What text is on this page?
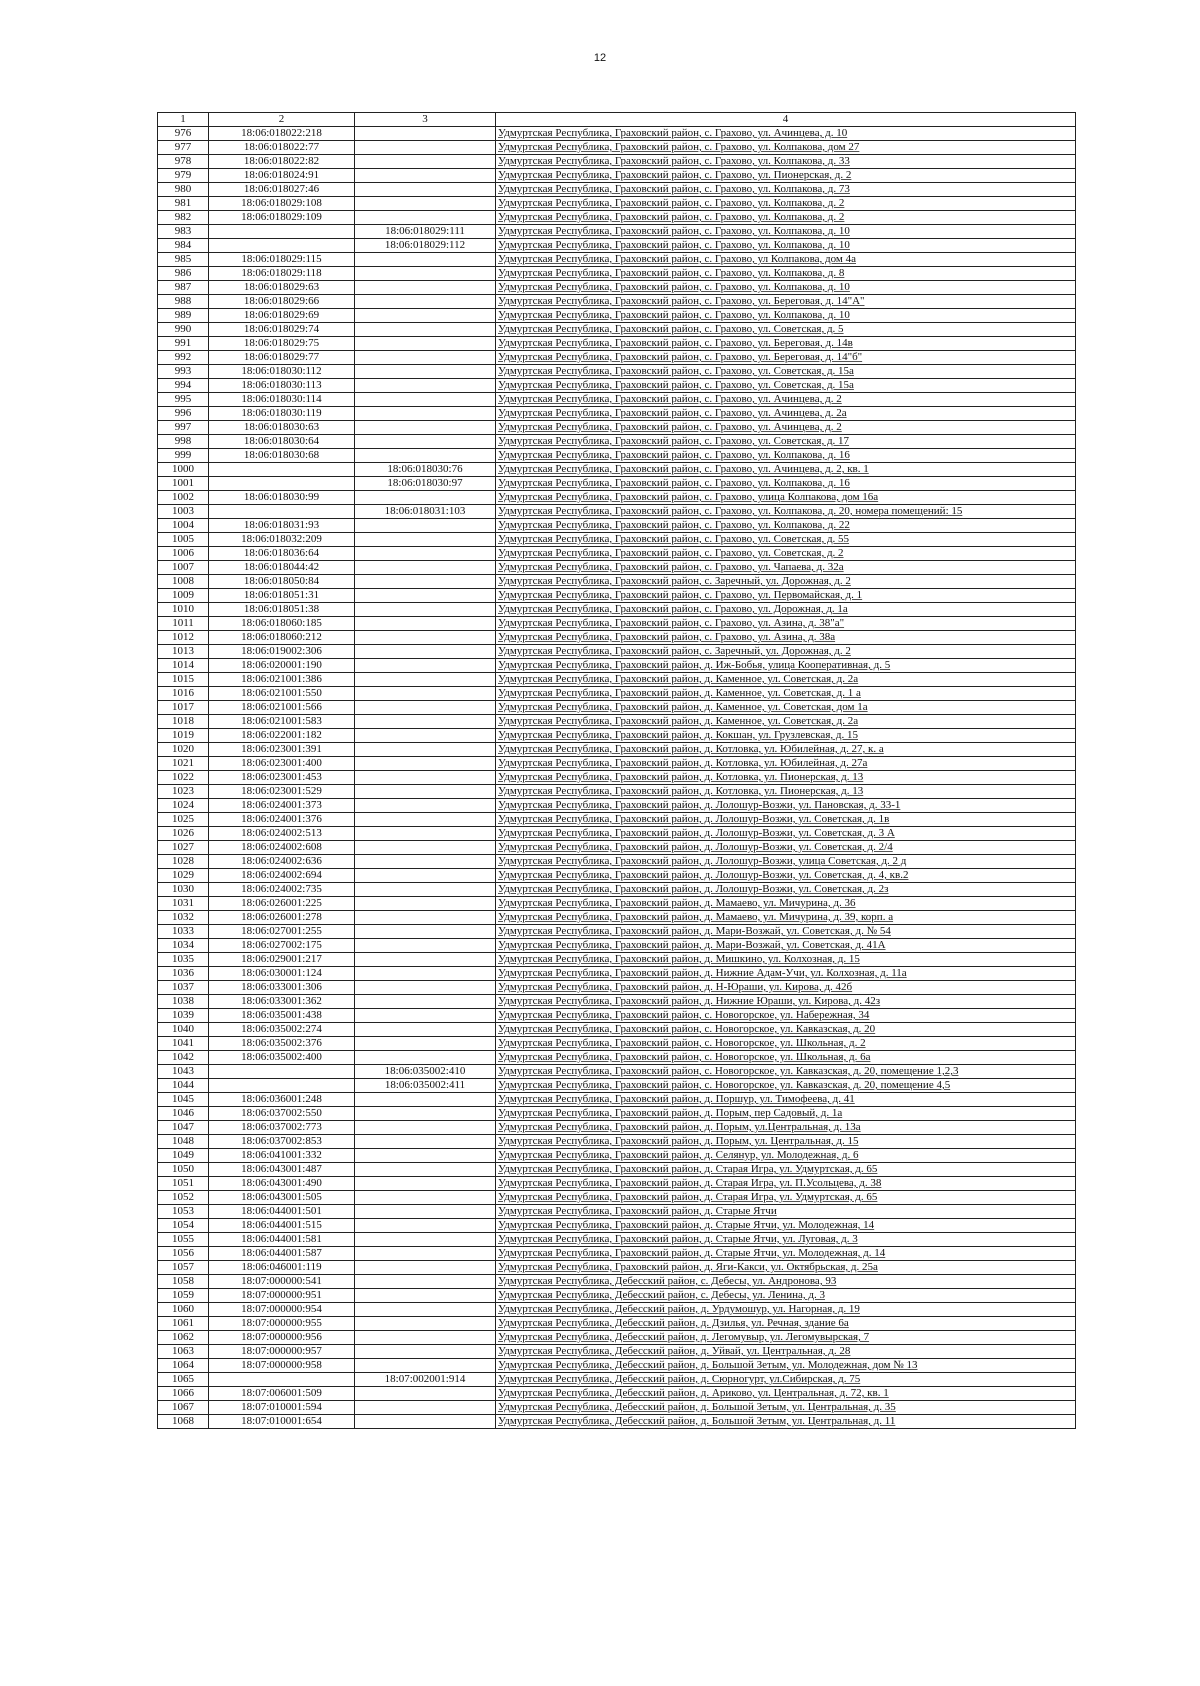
12
1	2	3	4
976	18:06:018022:218		Удмуртская Республика, Граховский район, с. Грахово, ул. Ачинцева, д. 10
977	18:06:018022:77		Удмуртская Республика, Граховский район, с. Грахово, ул. Колпакова, дом 27
978	18:06:018022:82		Удмуртская Республика, Граховский район, с. Грахово, ул. Колпакова, д. 33
979	18:06:018024:91		Удмуртская Республика, Граховский район, с. Грахово, ул. Пионерская, д. 2
980	18:06:018027:46		Удмуртская Республика, Граховский район, с. Грахово, ул. Колпакова, д. 73
981	18:06:018029:108		Удмуртская Республика, Граховский район, с. Грахово, ул. Колпакова, д. 2
982	18:06:018029:109		Удмуртская Республика, Граховский район, с. Грахово, ул. Колпакова, д. 2
983		18:06:018029:111	Удмуртская Республика, Граховский район, с. Грахово, ул. Колпакова, д. 10
984		18:06:018029:112	Удмуртская Республика, Граховский район, с. Грахово, ул. Колпакова, д. 10
985	18:06:018029:115		Удмуртская Республика, Граховский район, с. Грахово, ул Колпакова, дом 4а
986	18:06:018029:118		Удмуртская Республика, Граховский район, с. Грахово, ул. Колпакова, д. 8
987	18:06:018029:63		Удмуртская Республика, Граховский район, с. Грахово, ул. Колпакова, д. 10
988	18:06:018029:66		Удмуртская Республика, Граховский район, с. Грахово, ул. Береговая, д. 14"А"
989	18:06:018029:69		Удмуртская Республика, Граховский район, с. Грахово, ул. Колпакова, д. 10
990	18:06:018029:74		Удмуртская Республика, Граховский район, с. Грахово, ул. Советская, д. 5
991	18:06:018029:75		Удмуртская Республика, Граховский район, с. Грахово, ул. Береговая, д. 14в
992	18:06:018029:77		Удмуртская Республика, Граховский район, с. Грахово, ул. Береговая, д. 14"б"
993	18:06:018030:112		Удмуртская Республика, Граховский район, с. Грахово, ул. Советская, д. 15а
994	18:06:018030:113		Удмуртская Республика, Граховский район, с. Грахово, ул. Советская, д. 15а
995	18:06:018030:114		Удмуртская Республика, Граховский район, с. Грахово, ул. Ачинцева, д. 2
996	18:06:018030:119		Удмуртская Республика, Граховский район, с. Грахово, ул. Ачинцева, д. 2а
997	18:06:018030:63		Удмуртская Республика, Граховский район, с. Грахово, ул. Ачинцева, д. 2
998	18:06:018030:64		Удмуртская Республика, Граховский район, с. Грахово, ул. Советская, д. 17
999	18:06:018030:68		Удмуртская Республика, Граховский район, с. Грахово, ул. Колпакова, д. 16
1000		18:06:018030:76	Удмуртская Республика, Граховский район, с. Грахово, ул. Ачинцева, д. 2, кв. 1
1001		18:06:018030:97	Удмуртская Республика, Граховский район, с. Грахово, ул. Колпакова, д. 16
1002	18:06:018030:99		Удмуртская Республика, Граховский район, с. Грахово, улица Колпакова, дом 16а
1003		18:06:018031:103	Удмуртская Республика, Граховский район, с. Грахово, ул. Колпакова, д. 20, номера помещений: 15
1004	18:06:018031:93		Удмуртская Республика, Граховский район, с. Грахово, ул. Колпакова, д. 22
1005	18:06:018032:209		Удмуртская Республика, Граховский район, с. Грахово, ул. Советская, д. 55
1006	18:06:018036:64		Удмуртская Республика, Граховский район, с. Грахово, ул. Советская, д. 2
1007	18:06:018044:42		Удмуртская Республика, Граховский район, с. Грахово, ул. Чапаева, д. 32а
1008	18:06:018050:84		Удмуртская Республика, Граховский район, с. Заречный, ул. Дорожная, д. 2
1009	18:06:018051:31		Удмуртская Республика, Граховский район, с. Грахово, ул. Первомайская, д. 1
1010	18:06:018051:38		Удмуртская Республика, Граховский район, с. Грахово, ул. Дорожная, д. 1а
1011	18:06:018060:185		Удмуртская Республика, Граховский район, с. Грахово, ул. Азина, д. 38"а"
1012	18:06:018060:212		Удмуртская Республика, Граховский район, с. Грахово, ул. Азина, д. 38а
1013	18:06:019002:306		Удмуртская Республика, Граховский район, с. Заречный, ул. Дорожная, д. 2
1014	18:06:020001:190		Удмуртская Республика, Граховский район, д. Иж-Бобья, улица Кооперативная, д. 5
1015	18:06:021001:386		Удмуртская Республика, Граховский район, д. Каменное, ул. Советская, д. 2а
1016	18:06:021001:550		Удмуртская Республика, Граховский район, д. Каменное, ул. Советская, д. 1 а
1017	18:06:021001:566		Удмуртская Республика, Граховский район, д. Каменное, ул. Советская, дом 1а
1018	18:06:021001:583		Удмуртская Республика, Граховский район, д. Каменное, ул. Советская, д. 2а
1019	18:06:022001:182		Удмуртская Республика, Граховский район, д. Кокшан, ул. Грузлевская, д. 15
1020	18:06:023001:391		Удмуртская Республика, Граховский район, д. Котловка, ул. Юбилейная, д. 27, к. а
1021	18:06:023001:400		Удмуртская Республика, Граховский район, д. Котловка, ул. Юбилейная, д. 27а
1022	18:06:023001:453		Удмуртская Республика, Граховский район, д. Котловка, ул. Пионерская, д. 13
1023	18:06:023001:529		Удмуртская Республика, Граховский район, д. Котловка, ул. Пионерская, д. 13
1024	18:06:024001:373		Удмуртская Республика, Граховский район, д. Лолошур-Возжи, ул. Пановская, д. 33-1
1025	18:06:024001:376		Удмуртская Республика, Граховский район, д. Лолошур-Возжи, ул. Советская, д. 1в
1026	18:06:024002:513		Удмуртская Республика, Граховский район, д. Лолошур-Возжи, ул. Советская, д. 3 А
1027	18:06:024002:608		Удмуртская Республика, Граховский район, д. Лолошур-Возжи, ул. Советская, д. 2/4
1028	18:06:024002:636		Удмуртская Республика, Граховский район, д. Лолошур-Возжи, улица Советская, д. 2 д
1029	18:06:024002:694		Удмуртская Республика, Граховский район, д. Лолошур-Возжи, ул. Советская, д. 4, кв.2
1030	18:06:024002:735		Удмуртская Республика, Граховский район, д. Лолошур-Возжи, ул. Советская, д. 2з
1031	18:06:026001:225		Удмуртская Республика, Граховский район, д. Мамаево, ул. Мичурина, д. 36
1032	18:06:026001:278		Удмуртская Республика, Граховский район, д. Мамаево, ул. Мичурина, д. 39, корп. а
1033	18:06:027001:255		Удмуртская Республика, Граховский район, д. Мари-Возжай, ул. Советская, д. № 54
1034	18:06:027002:175		Удмуртская Республика, Граховский район, д. Мари-Возжай, ул. Советская, д. 41А
1035	18:06:029001:217		Удмуртская Республика, Граховский район, д. Мишкино, ул. Колхозная, д. 15
1036	18:06:030001:124		Удмуртская Республика, Граховский район, д. Нижние Адам-Учи, ул. Колхозная, д. 11а
1037	18:06:033001:306		Удмуртская Республика, Граховский район, д. Н-Юраши, ул. Кирова, д. 42б
1038	18:06:033001:362		Удмуртская Республика, Граховский район, д. Нижние Юраши, ул. Кирова, д. 42з
1039	18:06:035001:438		Удмуртская Республика, Граховский район, с. Новогорское, ул. Набережная, 34
1040	18:06:035002:274		Удмуртская Республика, Граховский район, с. Новогорское, ул. Кавказская, д. 20
1041	18:06:035002:376		Удмуртская Республика, Граховский район, с. Новогорское, ул. Школьная, д. 2
1042	18:06:035002:400		Удмуртская Республика, Граховский район, с. Новогорское, ул. Школьная, д. 6а
1043		18:06:035002:410	Удмуртская Республика, Граховский район, с. Новогорское, ул. Кавказская, д. 20, помещение 1,2,3
1044		18:06:035002:411	Удмуртская Республика, Граховский район, с. Новогорское, ул. Кавказская, д. 20, помещение 4,5
1045	18:06:036001:248		Удмуртская Республика, Граховский район, д. Поршур, ул. Тимофеева, д. 41
1046	18:06:037002:550		Удмуртская Республика, Граховский район, д. Порым, пер Садовый, д. 1а
1047	18:06:037002:773		Удмуртская Республика, Граховский район, д. Порым, ул.Центральная, д. 13а
1048	18:06:037002:853		Удмуртская Республика, Граховский район, д. Порым, ул. Центральная, д. 15
1049	18:06:041001:332		Удмуртская Республика, Граховский район, д. Селянур, ул. Молодежная, д. 6
1050	18:06:043001:487		Удмуртская Республика, Граховский район, д. Старая Игра, ул. Удмуртская, д. 65
1051	18:06:043001:490		Удмуртская Республика, Граховский район, д. Старая Игра, ул. П.Усольцева, д. 38
1052	18:06:043001:505		Удмуртская Республика, Граховский район, д. Старая Игра, ул. Удмуртская, д. 65
1053	18:06:044001:501		Удмуртская Республика, Граховский район, д. Старые Ятчи
1054	18:06:044001:515		Удмуртская Республика, Граховский район, д. Старые Ятчи, ул. Молодежная, 14
1055	18:06:044001:581		Удмуртская Республика, Граховский район, д. Старые Ятчи, ул. Луговая, д. 3
1056	18:06:044001:587		Удмуртская Республика, Граховский район, д. Старые Ятчи, ул. Молодежная, д. 14
1057	18:06:046001:119		Удмуртская Республика, Граховский район, д. Яги-Какси, ул. Октябрьская, д. 25а
1058	18:07:000000:541		Удмуртская Республика, Дебесский район, с. Дебесы, ул. Андронова, 93
1059	18:07:000000:951		Удмуртская Республика, Дебесский район, с. Дебесы, ул. Ленина, д. 3
1060	18:07:000000:954		Удмуртская Республика, Дебесский район, д. Урдумошур, ул. Нагорная, д. 19
1061	18:07:000000:955		Удмуртская Республика, Дебесский район, д. Дзилья, ул. Речная, здание 6а
1062	18:07:000000:956		Удмуртская Республика, Дебесский район, д. Легомувыр, ул. Легомувырская, 7
1063	18:07:000000:957		Удмуртская Республика, Дебесский район, д. Уйвай, ул. Центральная, д. 28
1064	18:07:000000:958		Удмуртская Республика, Дебесский район, д. Большой Зетым, ул. Молодежная, дом № 13
1065		18:07:002001:914	Удмуртская Республика, Дебесский район, д. Сюрногурт, ул.Сибирская, д. 75
1066	18:07:006001:509		Удмуртская Республика, Дебесский район, д. Ариково, ул. Центральная, д. 72, кв. 1
1067	18:07:010001:594		Удмуртская Республика, Дебесский район, д. Большой Зетым, ул. Центральная, д. 35
1068	18:07:010001:654		Удмуртская Республика, Дебесский район, д. Большой Зетым, ул. Центральная, д. 11
